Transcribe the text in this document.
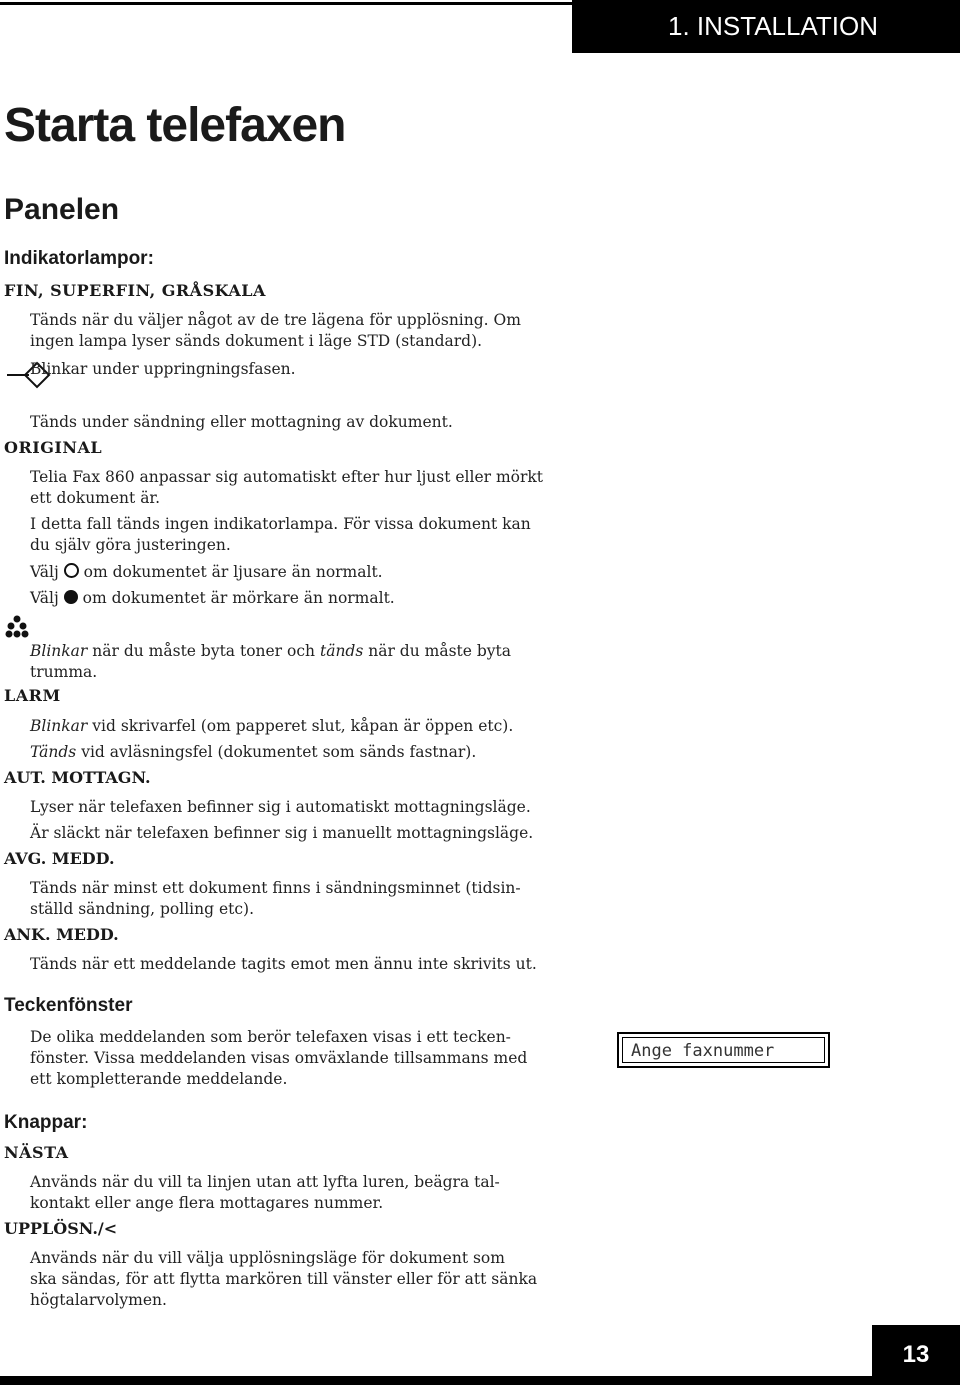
1. INSTALLATION
Starta telefaxen
Panelen
Indikatorlampor:
FIN, SUPERFIN, GRÅSKALA
Tänds när du väljer något av de tre lägena för upplösning. Om
ingen lampa lyser sänds dokument i läge STD (standard).
Blinkar under uppringningsfasen.
Tänds under sändning eller mottagning av dokument.
ORIGINAL
Telia Fax 860 anpassar sig automatiskt efter hur ljust eller mörkt
ett dokument är.
I detta fall tänds ingen indikatorlampa. För vissa dokument kan
du själv göra justeringen.
Välj om dokumentet är ljusare än normalt.
Välj om dokumentet är mörkare än normalt.
Blinkar när du måste byta toner och tänds när du måste byta
trumma.
LARM
Blinkar vid skrivarfel (om papperet slut, kåpan är öppen etc).
Tänds vid avläsningsfel (dokumentet som sänds fastnar).
AUT. MOTTAGN.
Lyser när telefaxen befinner sig i automatiskt mottagningsläge.
Är släckt när telefaxen befinner sig i manuellt mottagningsläge.
AVG. MEDD.
Tänds när minst ett dokument finns i sändningsminnet (tidsin-
ställd sändning, polling etc).
ANK. MEDD.
Tänds när ett meddelande tagits emot men ännu inte skrivits ut.
Teckenfönster
De olika meddelanden som berör telefaxen visas i ett tecken-
fönster. Vissa meddelanden visas omväxlande tillsammans med
ett kompletterande meddelande.
Ange faxnummer
Knappar:
NÄSTA
Används när du vill ta linjen utan att lyfta luren, beägra tal-
kontakt eller ange flera mottagares nummer.
UPPLÖSN./<
Används när du vill välja upplösningsläge för dokument som
ska sändas, för att flytta markören till vänster eller för att sänka
högtalarvolymen.
13
